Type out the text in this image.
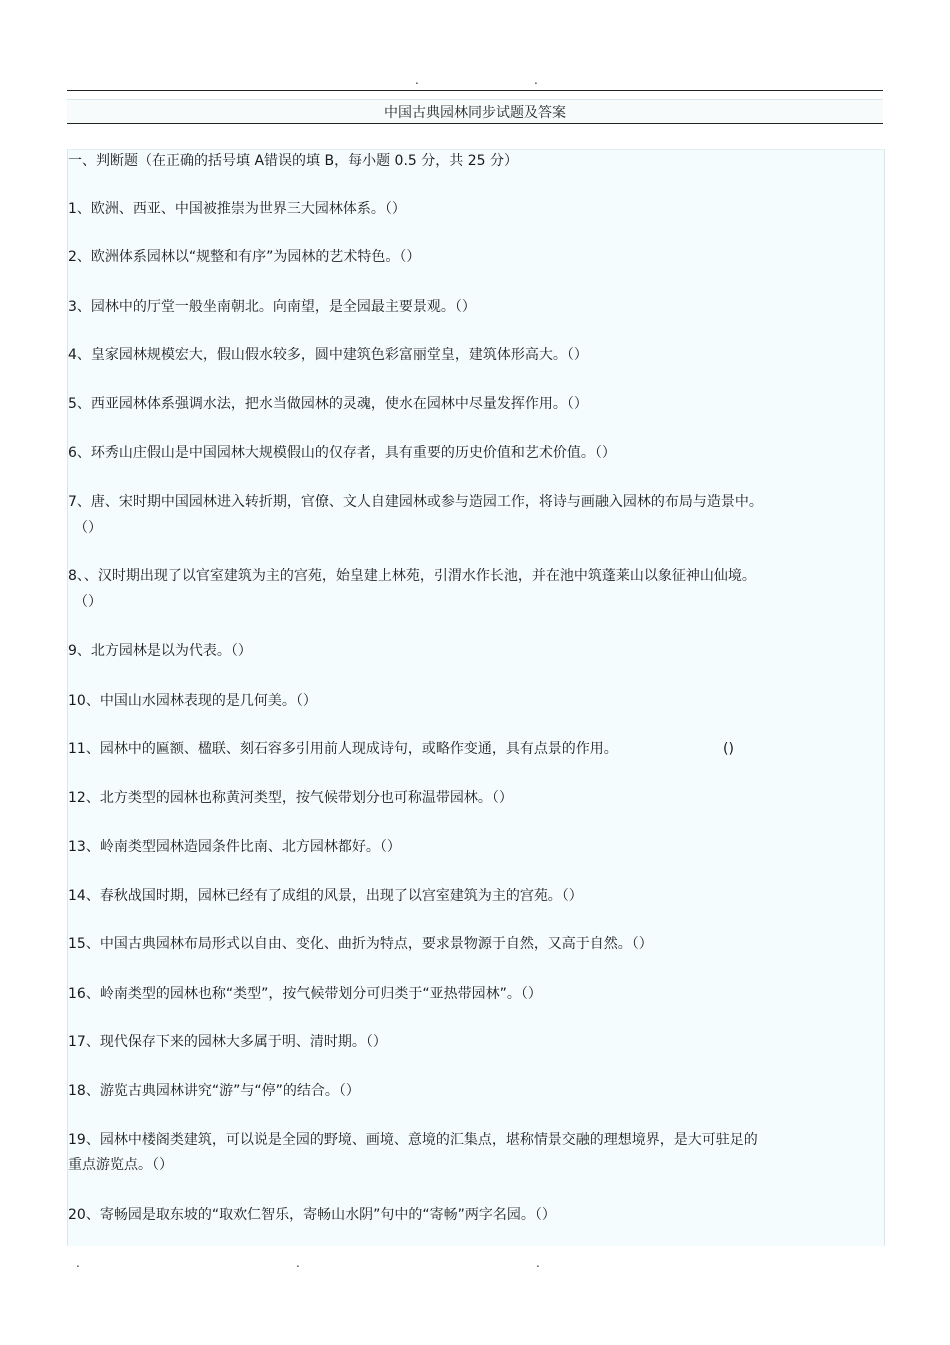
.	.
中国古典园林同步试题及答案
一、判断题（在正确的括号填 A错误的填 B，每小题 0.5 分，共 25 分）
1、欧洲、西亚、中国被推崇为世界三大园林体系。（）
2、欧洲体系园林以“规整和有序”为园林的艺术特色。（）
3、园林中的厅堂一般坐南朝北。向南望，是全园最主要景观。（）
4、皇家园林规模宏大，假山假水较多，圆中建筑色彩富丽堂皇，建筑体形高大。（）
5、西亚园林体系强调水法，把水当做园林的灵魂，使水在园林中尽量发挥作用。（）
6、环秀山庄假山是中国园林大规模假山的仅存者，具有重要的历史价值和艺术价值。（）
7、唐、宋时期中国园林进入转折期，官僚、文人自建园林或参与造园工作，将诗与画融入园林的布局与造景中。
（）
8、、汉时期出现了以官室建筑为主的宫苑，始皇建上林苑，引渭水作长池，并在池中筑蓬莱山以象征神山仙境。
（）
9、北方园林是以为代表。（）
10、中国山水园林表现的是几何美。（）
11、园林中的匾额、楹联、刻石容多引用前人现成诗句，或略作变通，具有点景的作用。	()
12、北方类型的园林也称黄河类型，按气候带划分也可称温带园林。（）
13、岭南类型园林造园条件比南、北方园林都好。（）
14、春秋战国时期，园林已经有了成组的风景，出现了以宫室建筑为主的宫苑。（）
15、中国古典园林布局形式以自由、变化、曲折为特点，要求景物源于自然，又高于自然。（）
16、岭南类型的园林也称“类型”，按气候带划分可归类于“亚热带园林”。（）
17、现代保存下来的园林大多属于明、清时期。（）
18、游览古典园林讲究“游”与“停”的结合。（）
19、园林中楼阁类建筑，可以说是全园的野境、画境、意境的汇集点，堪称情景交融的理想境界，是大可驻足的
重点游览点。（）
20、寄畅园是取东坡的“取欢仁智乐，寄畅山水阴”句中的“寄畅”两字名园。（）
.	.	.
